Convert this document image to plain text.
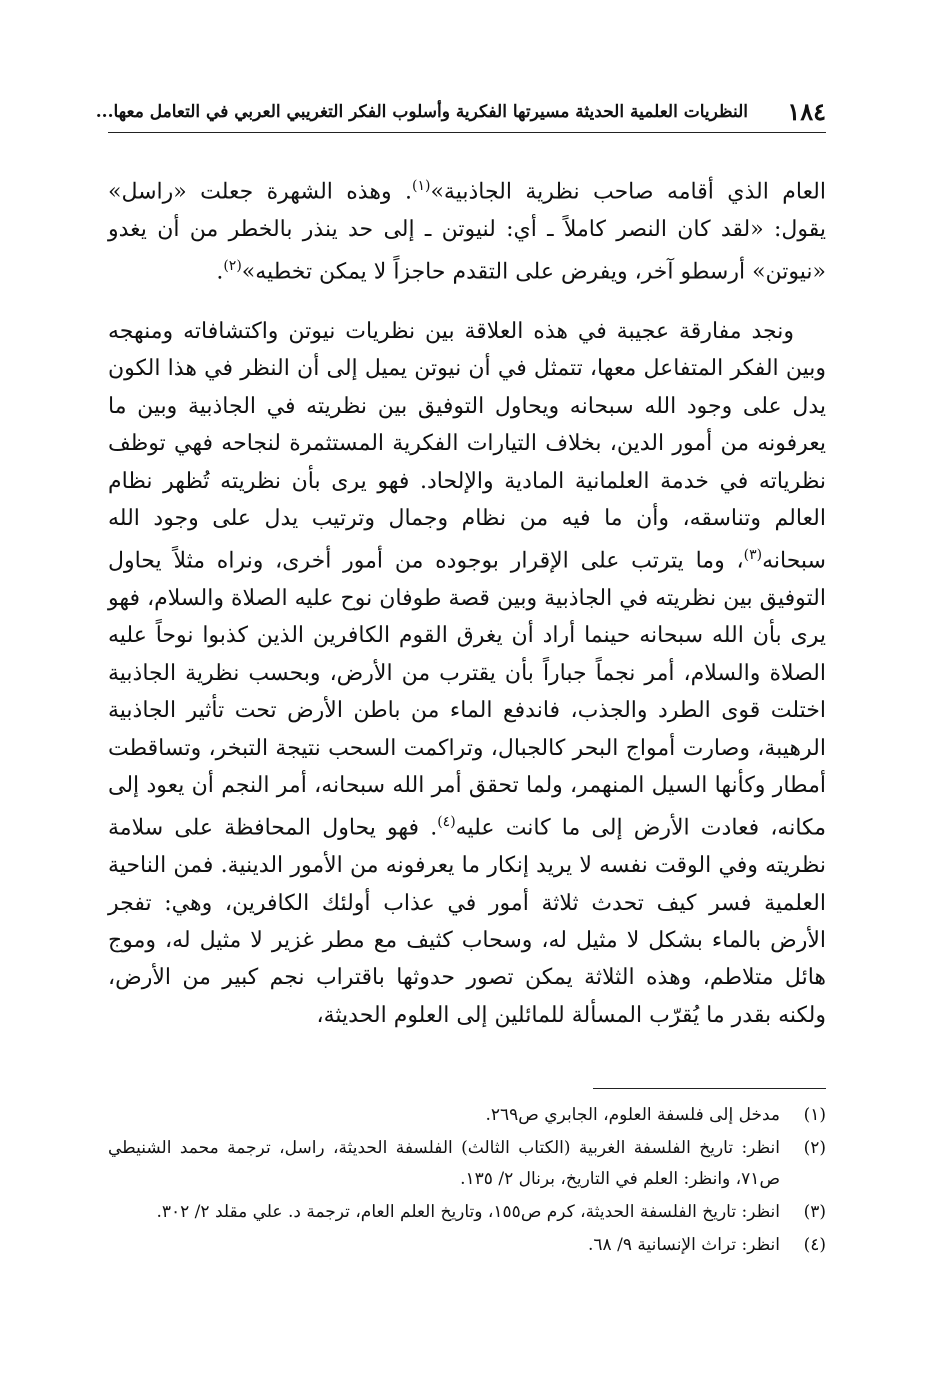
١٨٤
النظريات العلمية الحديثة مسيرتها الفكرية وأسلوب الفكر التغريبي العربي في التعامل معها...

العام الذي أقامه صاحب نظرية الجاذبية»$^{(١)}$. وهذه الشهرة جعلت «راسل» يقول: «لقد كان النصر كاملاً ـ أي: لنيوتن ـ إلى حد ينذر بالخطر من أن يغدو «نيوتن» أرسطو آخر، ويفرض على التقدم حاجزاً لا يمكن تخطيه»$^{(٢)}$.

ونجد مفارقة عجيبة في هذه العلاقة بين نظريات نيوتن واكتشافاته ومنهجه وبين الفكر المتفاعل معها، تتمثل في أن نيوتن يميل إلى أن النظر في هذا الكون يدل على وجود الله سبحانه ويحاول التوفيق بين نظريته في الجاذبية وبين ما يعرفونه من أمور الدين، بخلاف التيارات الفكرية المستثمرة لنجاحه فهي توظف نظرياته في خدمة العلمانية المادية والإلحاد. فهو يرى بأن نظريته تُظهر نظام العالم وتناسقه، وأن ما فيه من نظام وجمال وترتيب يدل على وجود الله سبحانه$^{(٣)}$، وما يترتب على الإقرار بوجوده من أمور أخرى، ونراه مثلاً يحاول التوفيق بين نظريته في الجاذبية وبين قصة طوفان نوح عليه الصلاة والسلام، فهو يرى بأن الله سبحانه حينما أراد أن يغرق القوم الكافرين الذين كذبوا نوحاً عليه الصلاة والسلام، أمر نجماً جباراً بأن يقترب من الأرض، وبحسب نظرية الجاذبية اختلت قوى الطرد والجذب، فاندفع الماء من باطن الأرض تحت تأثير الجاذبية الرهيبة، وصارت أمواج البحر كالجبال، وتراكمت السحب نتيجة التبخر، وتساقطت أمطار وكأنها السيل المنهمر، ولما تحقق أمر الله سبحانه، أمر النجم أن يعود إلى مكانه، فعادت الأرض إلى ما كانت عليه$^{(٤)}$. فهو يحاول المحافظة على سلامة نظريته وفي الوقت نفسه لا يريد إنكار ما يعرفونه من الأمور الدينية. فمن الناحية العلمية فسر كيف تحدث ثلاثة أمور في عذاب أولئك الكافرين، وهي: تفجر الأرض بالماء بشكل لا مثيل له، وسحاب كثيف مع مطر غزير لا مثيل له، وموج هائل متلاطم، وهذه الثلاثة يمكن تصور حدوثها باقتراب نجم كبير من الأرض، ولكنه بقدر ما يُقرّب المسألة للمائلين إلى العلوم الحديثة،

(١)
مدخل إلى فلسفة العلوم، الجابري ص٢٦٩.
(٢)
انظر: تاريخ الفلسفة الغربية (الكتاب الثالث) الفلسفة الحديثة، راسل، ترجمة محمد الشنيطي ص٧١، وانظر: العلم في التاريخ، برنال ٢/ ١٣٥.
(٣)
انظر: تاريخ الفلسفة الحديثة، كرم ص١٥٥، وتاريخ العلم العام، ترجمة د. علي مقلد ٢/ ٣٠٢.
(٤)
انظر: تراث الإنسانية ٩/ ٦٨.
